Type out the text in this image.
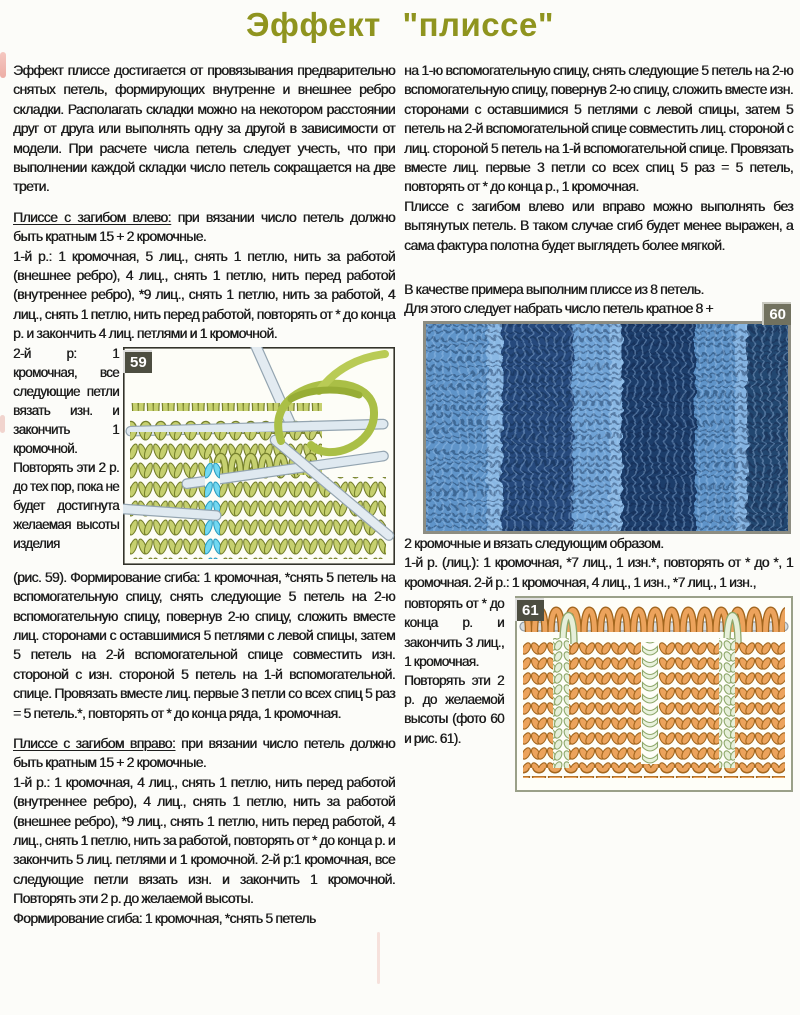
Эффект "плиссе"

Эффект плиссе достигается от провязывания предварительно снятых петель, формирующих внутренне и внешнее ребро складки. Располагать складки можно на некотором расстоянии друг от друга или выполнять одну за другой в зависимости от модели. При расчете числа петель следует учесть, что при выполнении каждой складки число петель сокращается на две трети.

Плиссе с загибом влево: при вязании число петель должно быть кратным 15 + 2 кромочные.

1-й р.: 1 кромочная, 5 лиц., снять 1 петлю, нить за работой (внешнее ребро), 4 лиц., снять 1 петлю, нить перед работой (внутреннее ребро), *9 лиц., снять 1 петлю, нить за работой, 4 лиц., снять 1 петлю, нить перед работой, повторять от * до конца р. и закончить 4 лиц. петлями и 1 кромочной.

59

2-й р: 1 кромочная, все следующие петли вязать изн. и закончить 1 кромочной.

Повторять эти 2 р. до тех пор, пока не будет достигнута желаемая высоты изделия

(рис. 59). Формирование сгиба: 1 кромочная, *снять 5 петель на вспомогательную спицу, снять следующие 5 петель на 2-ю вспомогательную спицу, повернув 2-ю спицу, сложить вместе лиц. сторонами с оставшимися 5 петлями с левой спицы, затем 5 петель на 2-й вспомогательной спице совместить изн. стороной с изн. стороной 5 петель на 1-й вспомогательной. спице. Провязать вместе лиц. первые 3 петли со всех спиц 5 раз = 5 петель.*, повторять от * до конца ряда, 1 кромочная.

Плиссе с загибом вправо: при вязании число петель должно быть кратным 15 + 2 кромочные.

1-й р.: 1 кромочная, 4 лиц., снять 1 петлю, нить перед работой (внутреннее ребро), 4 лиц., снять 1 петлю, нить за работой (внешнее ребро), *9 лиц., снять 1 петлю, нить перед работой, 4 лиц., снять 1 петлю, нить за работой, повторять от * до конца р. и закончить 5 лиц. петлями и 1 кромочной. 2-й р:1 кромочная, все следующие петли вязать изн. и закончить 1 кромочной. Повторять эти 2 р. до желаемой высоты.

Формирование сгиба: 1 кромочная, *снять 5 петель

на 1-ю вспомогательную спицу, снять следующие 5 петель на 2-ю вспомогательную спицу, повернув 2-ю спицу, сложить вместе изн. сторонами с оставшимися 5 петлями с левой спицы, затем 5 петель на 2-й вспомогательной спице совместить лиц. стороной с лиц. стороной 5 петель на 1-й вспомогательной спице. Провязать вместе лиц. первые 3 петли со всех спиц 5 раз = 5 петель, повторять от * до конца р., 1 кромочная.

Плиссе с загибом влево или вправо можно выполнять без вытянутых петель. В таком случае сгиб будет менее выражен, а сама фактура полотна будет выглядеть более мягкой.

В качестве примера выполним плиссе из 8 петель.

Для этого следует набрать число петель кратное 8 +	60

2 кромочные и вязать следующим образом.

1-й р. (лиц.): 1 кромочная, *7 лиц., 1 изн.*, повторять от * до *, 1 кромочная. 2-й р.: 1 кромочная, 4 лиц., 1 изн., *7 лиц., 1 изн.,

61

повторять от * до конца р. и закончить 3 лиц., 1 кромочная.

Повторять эти 2 р. до желаемой высоты (фото 60 и рис. 61).
